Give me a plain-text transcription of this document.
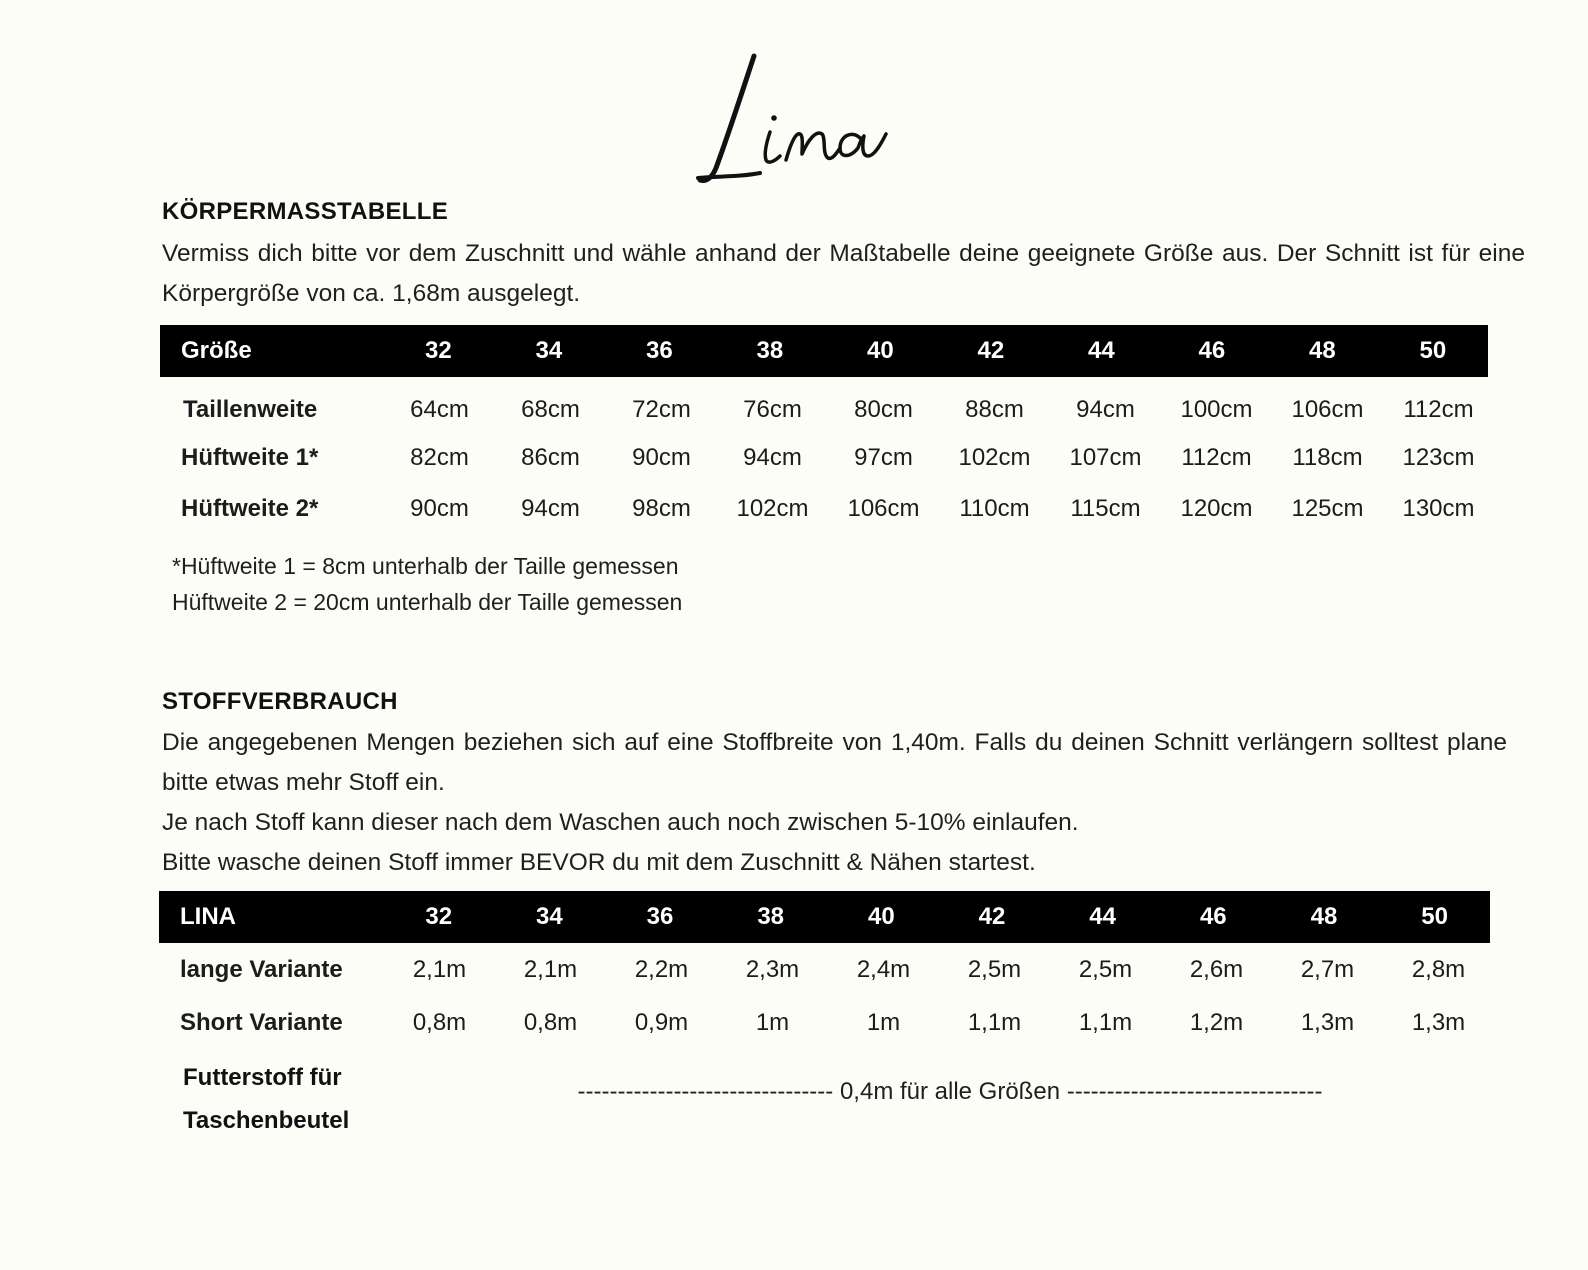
KÖRPERMASSTABELLE

Vermiss dich bitte vor dem Zuschnitt und wähle anhand der Maßtabelle deine geeignete Größe aus. Der Schnitt ist für eine Körpergröße von ca. 1,68m ausgelegt.

Größe	32	34	36	38	40	42	44	46	48	50
Taillenweite	64cm	68cm	72cm	76cm	80cm	88cm	94cm	100cm	106cm	112cm
Hüftweite 1*	82cm	86cm	90cm	94cm	97cm	102cm	107cm	112cm	118cm	123cm
Hüftweite 2*	90cm	94cm	98cm	102cm	106cm	110cm	115cm	120cm	125cm	130cm
*Hüftweite 1 = 8cm unterhalb der Taille gemessen
Hüftweite 2 = 20cm unterhalb der Taille gemessen
STOFFVERBRAUCH

Die angegebenen Mengen beziehen sich auf eine Stoffbreite von 1,40m. Falls du deinen Schnitt verlängern solltest plane bitte etwas mehr Stoff ein.

Je nach Stoff kann dieser nach dem Waschen auch noch zwischen 5-10% einlaufen.

Bitte wasche deinen Stoff immer BEVOR du mit dem Zuschnitt & Nähen startest.

LINA	32	34	36	38	40	42	44	46	48	50
lange Variante	2,1m	2,1m	2,2m	2,3m	2,4m	2,5m	2,5m	2,6m	2,7m	2,8m
Short Variante	0,8m	0,8m	0,9m	1m	1m	1,1m	1,1m	1,2m	1,3m	1,3m
Futterstoff für
Taschenbeutel
-------------------------------- 0,4m für alle Größen --------------------------------
